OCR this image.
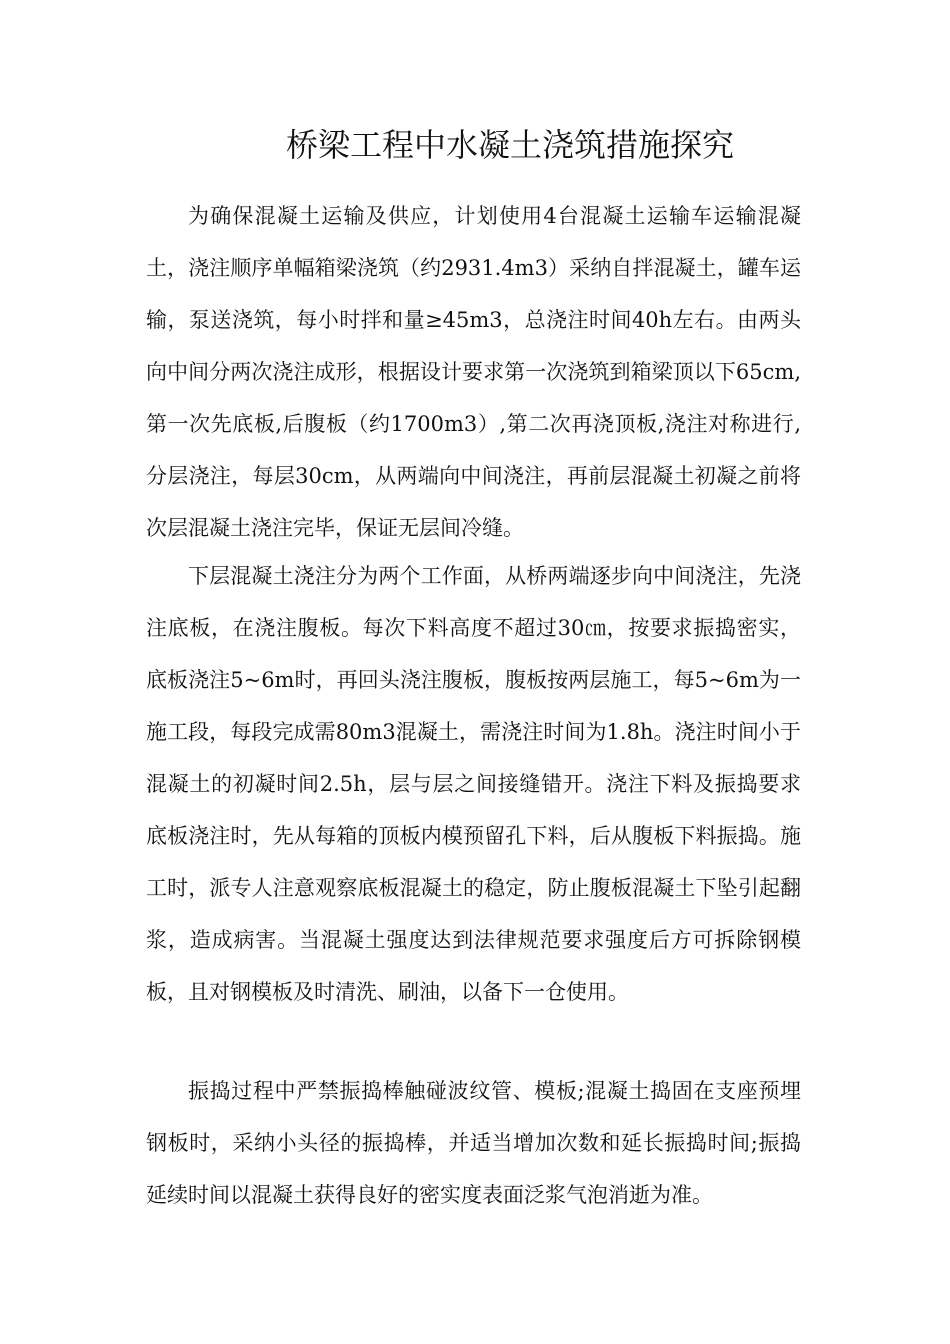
桥梁工程中水凝土浇筑措施探究

为确保混凝土运输及供应，计划使用4台混凝土运输车运输混凝土，浇注顺序单幅箱梁浇筑（约2931.4m3）采纳自拌混凝土，罐车运输，泵送浇筑，每小时拌和量≥45m3，总浇注时间40h左右。由两头向中间分两次浇注成形，根据设计要求第一次浇筑到箱梁顶以下65cm,第一次先底板,后腹板（约1700m3）,第二次再浇顶板,浇注对称进行,分层浇注，每层30cm，从两端向中间浇注，再前层混凝土初凝之前将次层混凝土浇注完毕，保证无层间冷缝。

下层混凝土浇注分为两个工作面，从桥两端逐步向中间浇注，先浇注底板，在浇注腹板。每次下料高度不超过30㎝，按要求振捣密实，底板浇注5~6m时，再回头浇注腹板，腹板按两层施工，每5~6m为一施工段，每段完成需80m3混凝土，需浇注时间为1.8h。浇注时间小于混凝土的初凝时间2.5h，层与层之间接缝错开。浇注下料及振捣要求底板浇注时，先从每箱的顶板内模预留孔下料，后从腹板下料振捣。施工时，派专人注意观察底板混凝土的稳定，防止腹板混凝土下坠引起翻浆，造成病害。当混凝土强度达到法律规范要求强度后方可拆除钢模板，且对钢模板及时清洗、刷油，以备下一仓使用。

振捣过程中严禁振捣棒触碰波纹管、模板;混凝土捣固在支座预埋钢板时，采纳小头径的振捣棒，并适当增加次数和延长振捣时间;振捣延续时间以混凝土获得良好的密实度表面泛浆气泡消逝为准。
